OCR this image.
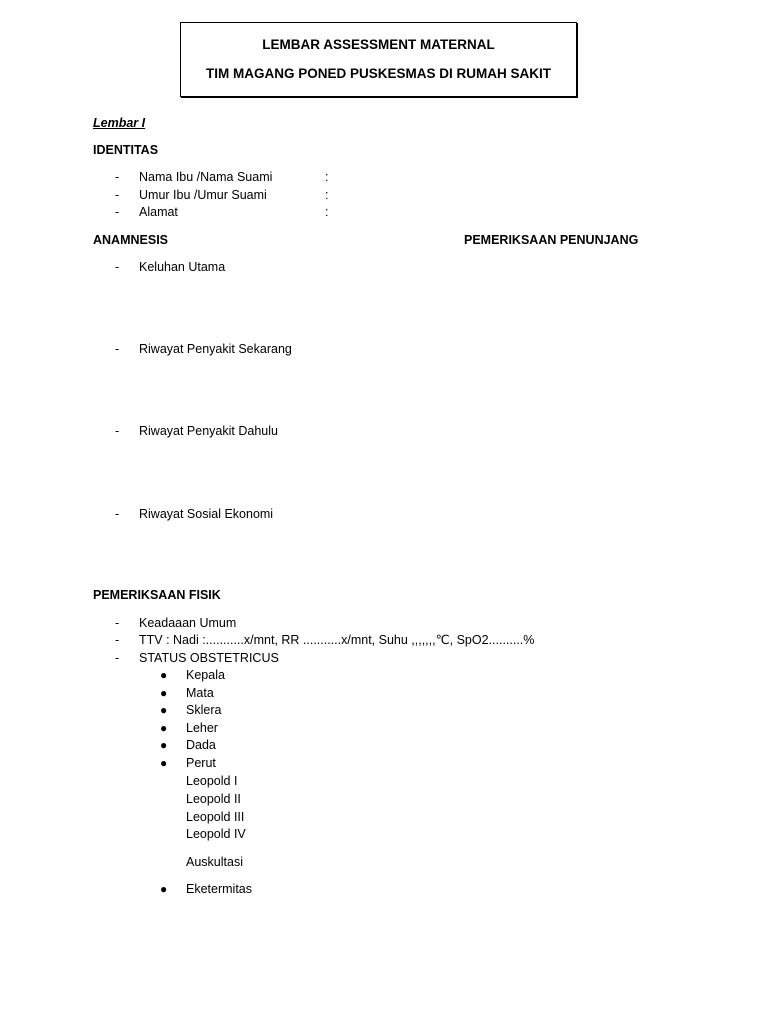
LEMBAR ASSESSMENT MATERNAL
TIM MAGANG PONED PUSKESMAS DI RUMAH SAKIT
Lembar I
IDENTITAS
- Nama Ibu /Nama Suami	:
- Umur Ibu /Umur Suami	:
- Alamat	:
ANAMNESIS	PEMERIKSAAN PENUNJANG
- Keluhan Utama
- Riwayat Penyakit Sekarang
- Riwayat Penyakit Dahulu
- Riwayat Sosial Ekonomi
PEMERIKSAAN FISIK
- Keadaaan Umum
- TTV : Nadi :...........x/mnt, RR ...........x/mnt, Suhu ,,,,,,,℃, SpO2..........%
- STATUS OBSTETRICUS
● Kepala
● Mata
● Sklera
● Leher
● Dada
● Perut
Leopold I
Leopold II
Leopold III
Leopold IV
Auskultasi
● Eketermitas
